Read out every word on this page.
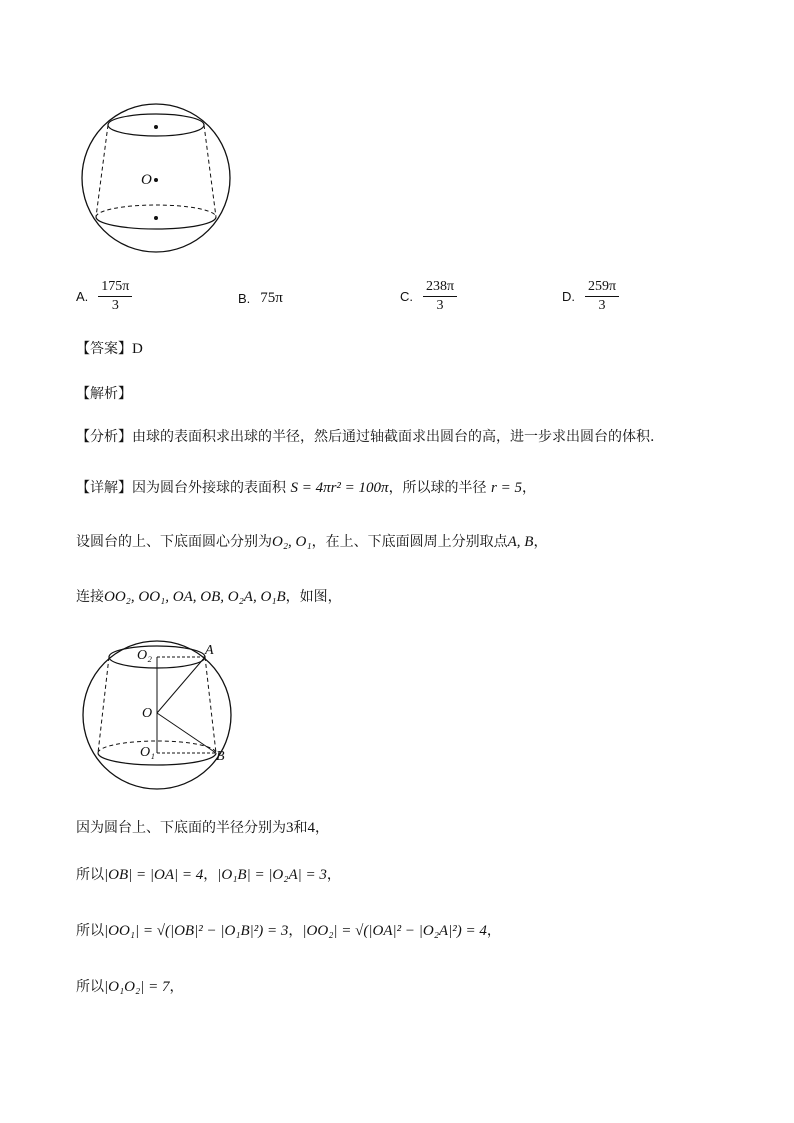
O
A. $\frac{175\pi}{3}$	B. 75π	C. $\frac{238\pi}{3}$	D. $\frac{259\pi}{3}$
【答案】D
【解析】
【分析】由球的表面积求出球的半径，然后通过轴截面求出圆台的高，进一步求出圆台的体积.
【详解】因为圆台外接球的表面积 S = 4πr² = 100π，所以球的半径 r = 5，
设圆台的上、下底面圆心分别为O₂, O₁，在上、下底面圆周上分别取点A, B，
连接OO₂, OO₁, OA, OB, O₂A, O₁B，如图，
O₂	A
O
O₁	B
因为圆台上、下底面的半径分别为3和4，
所以|OB| = |OA| = 4，|O₁B| = |O₂A| = 3，
所以|OO₁| = √(|OB|² − |O₁B|²) = 3，|OO₂| = √(|OA|² − |O₂A|²) = 4，
所以|O₁O₂| = 7，
